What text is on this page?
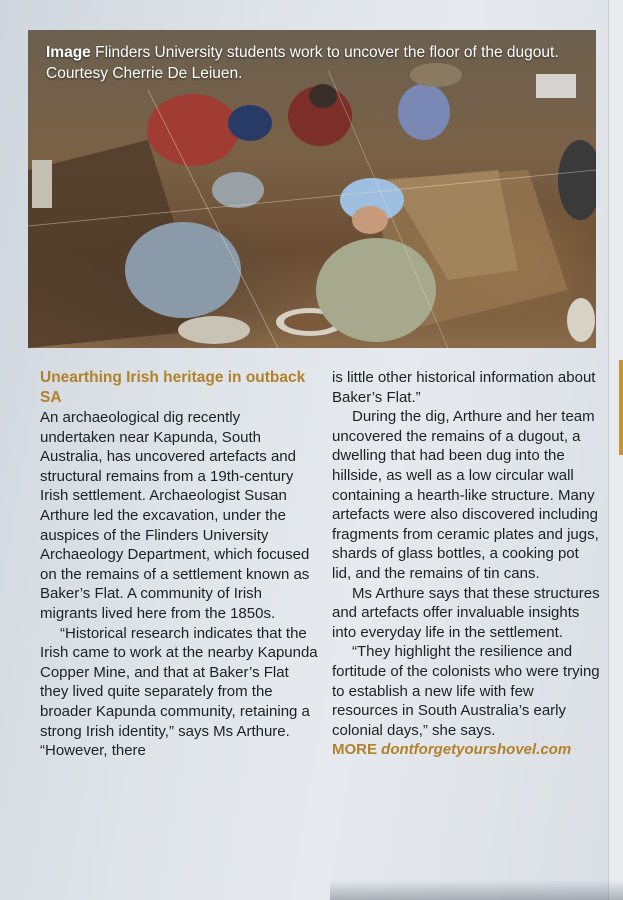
Image Flinders University students work to uncover the floor of the dugout. Courtesy Cherrie De Leiuen.
Unearthing Irish heritage in outback SA

An archaeological dig recently undertaken near Kapunda, South Australia, has uncovered artefacts and structural remains from a 19th-century Irish settlement. Archaeologist Susan Arthure led the excavation, under the auspices of the Flinders University Archaeology Department, which focused on the remains of a settlement known as Baker’s Flat. A community of Irish migrants lived here from the 1850s.

“Historical research indicates that the Irish came to work at the nearby Kapunda Copper Mine, and that at Baker’s Flat they lived quite separately from the broader Kapunda community, retaining a strong Irish identity,” says Ms Arthure. “However, there

is little other historical information about Baker’s Flat.”

During the dig, Arthure and her team uncovered the remains of a dugout, a dwelling that had been dug into the hillside, as well as a low circular wall containing a hearth-like structure. Many artefacts were also discovered including fragments from ceramic plates and jugs, shards of glass bottles, a cooking pot lid, and the remains of tin cans.

Ms Arthure says that these structures and artefacts offer invaluable insights into everyday life in the settlement.

“They highlight the resilience and fortitude of the colonists who were trying to establish a new life with few resources in South Australia’s early colonial days,” she says.

MORE dontforgetyourshovel.com
